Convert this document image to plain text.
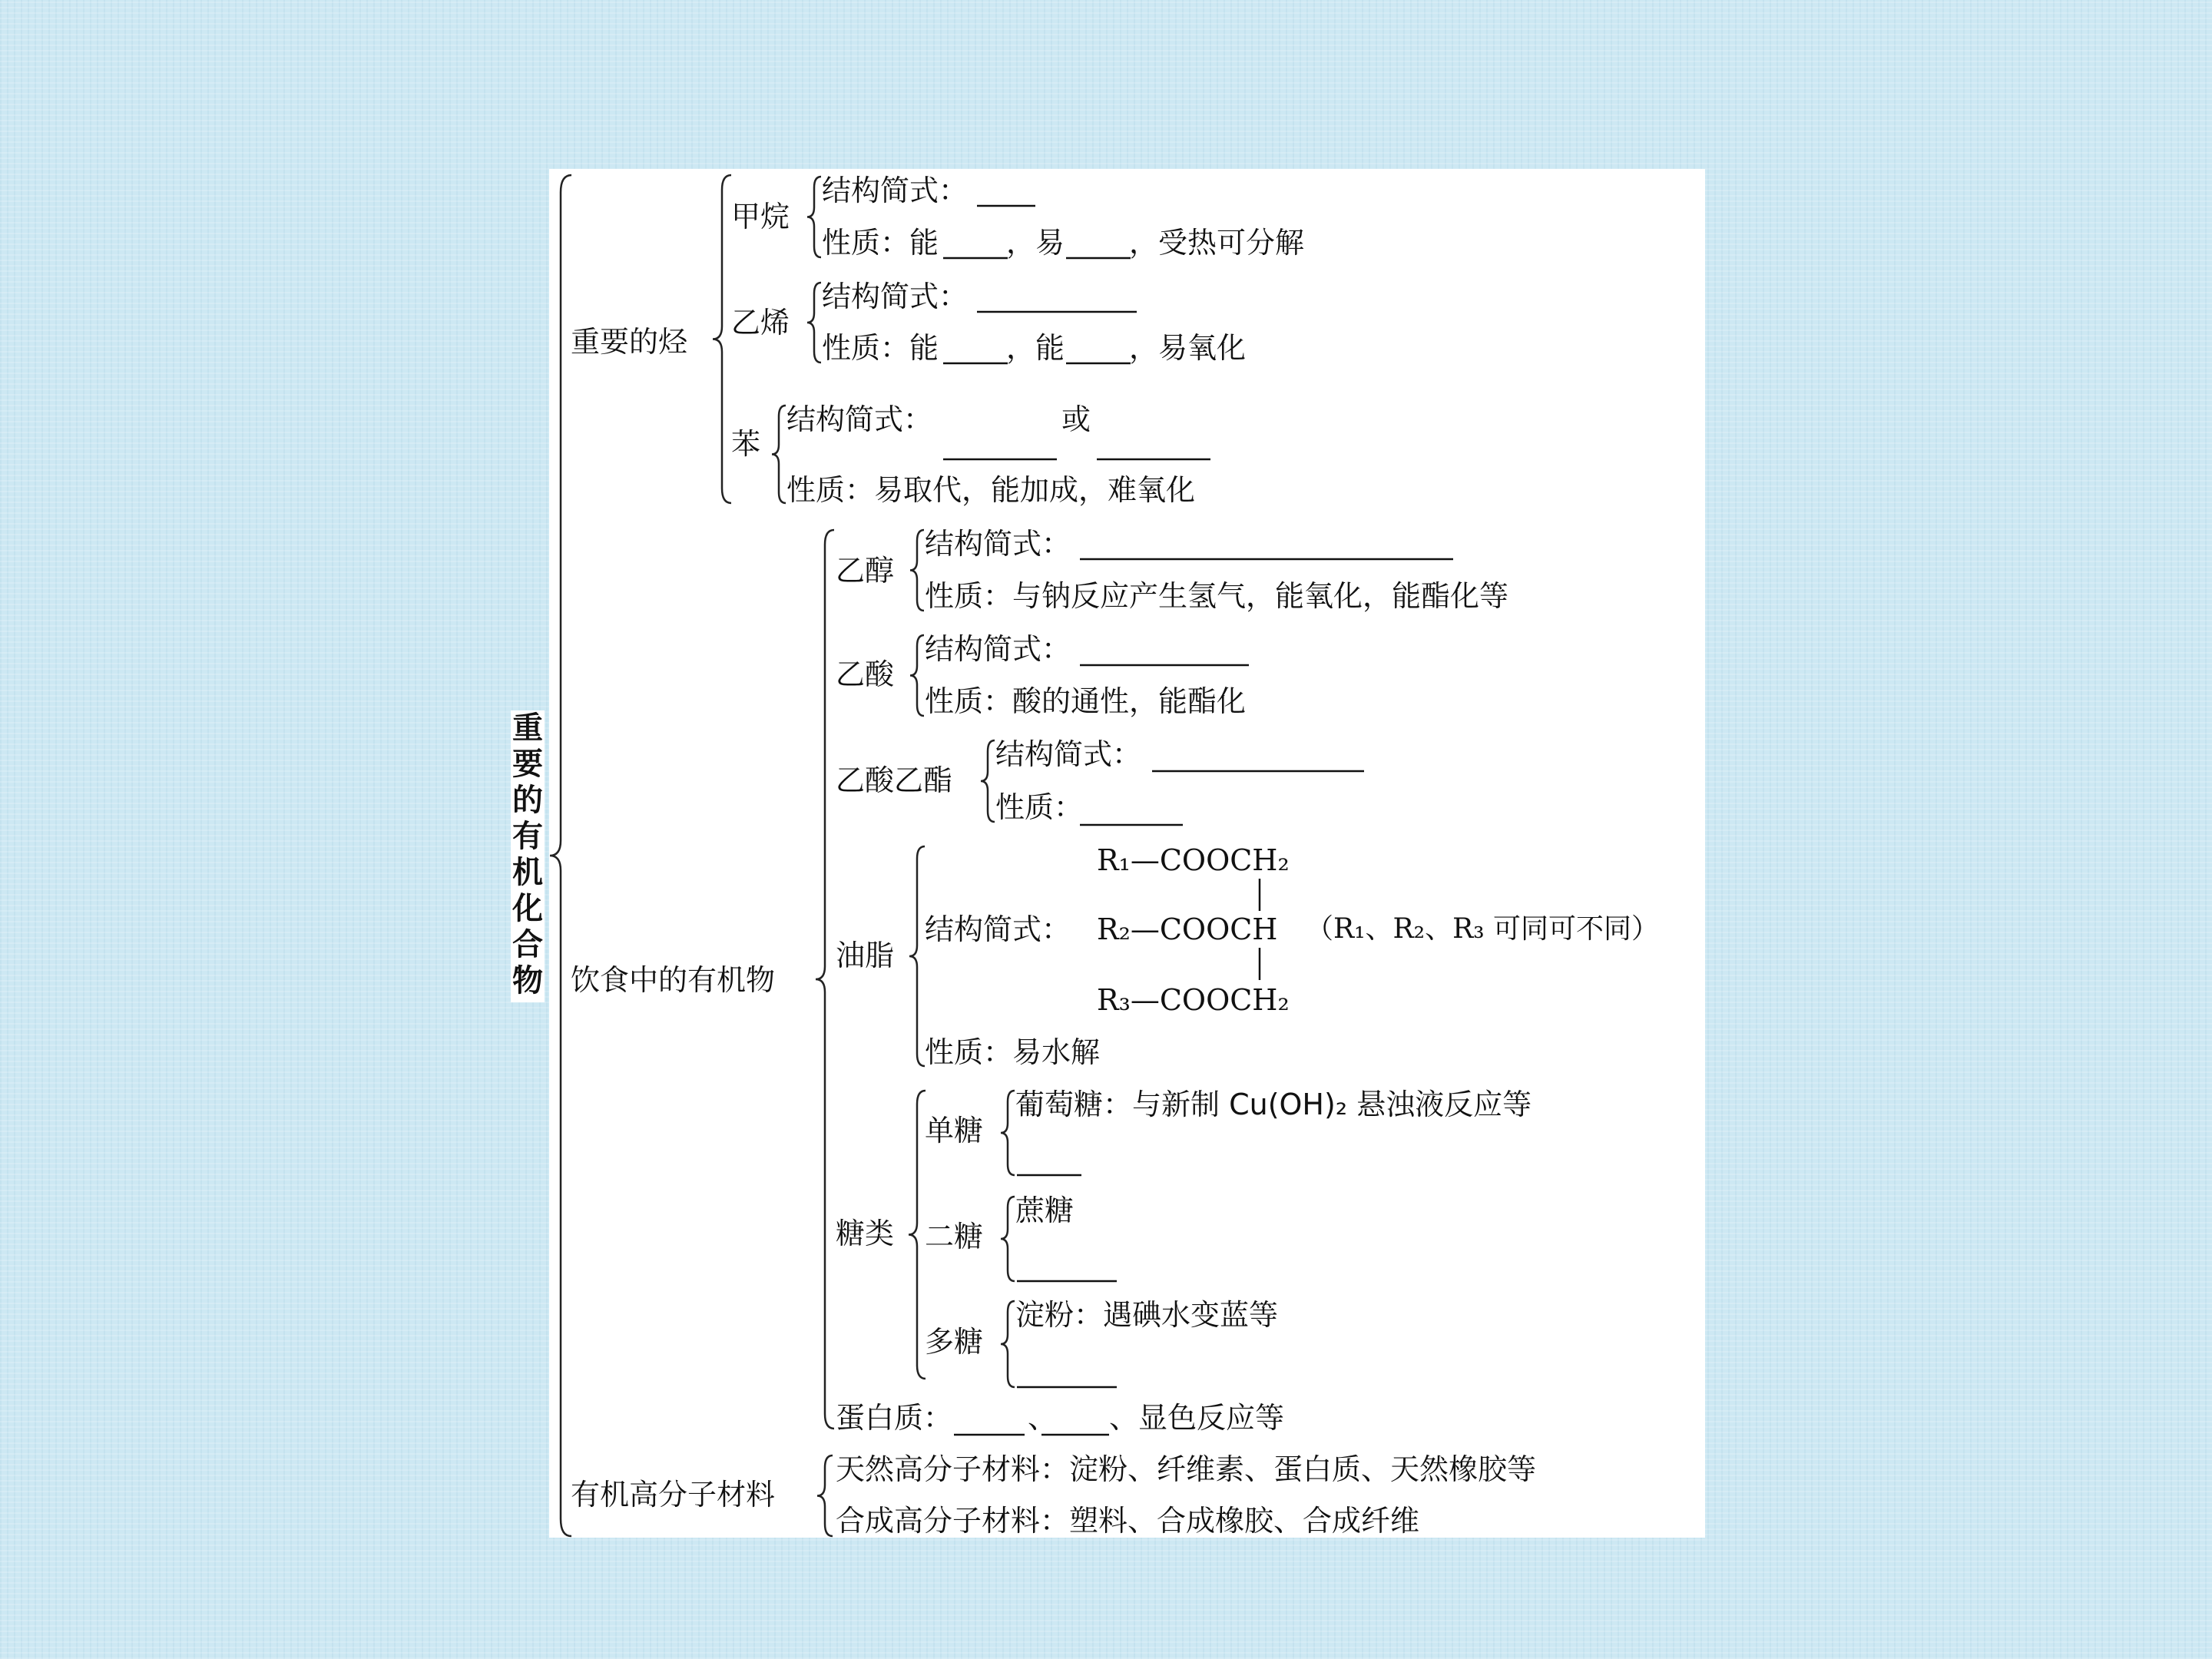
重要的有机化合物
重要的烃
饮食中的有机物
有机高分子材料
甲烷
结构简式：
性质：能 ，易 ，受热可分解
乙烯
结构简式：
性质：能 ，能 ，易氧化
苯
结构简式：	或
性质：易取代，能加成，难氧化
乙醇
结构简式：
性质：与钠反应产生氢气，能氧化，能酯化等
乙酸
结构简式：
性质：酸的通性，能酯化
乙酸乙酯
结构简式：
性质：
油脂
结构简式：
R₁—COOCH₂
R₂—COOCH
R₃—COOCH₂
（R₁、R₂、R₃ 可同可不同）
性质：易水解
糖类
单糖
葡萄糖：与新制 Cu(OH)₂ 悬浊液反应等
二糖
蔗糖
多糖
淀粉：遇碘水变蓝等
蛋白质：	、 、显色反应等
天然高分子材料：淀粉、纤维素、蛋白质、天然橡胶等
合成高分子材料：塑料、合成橡胶、合成纤维
